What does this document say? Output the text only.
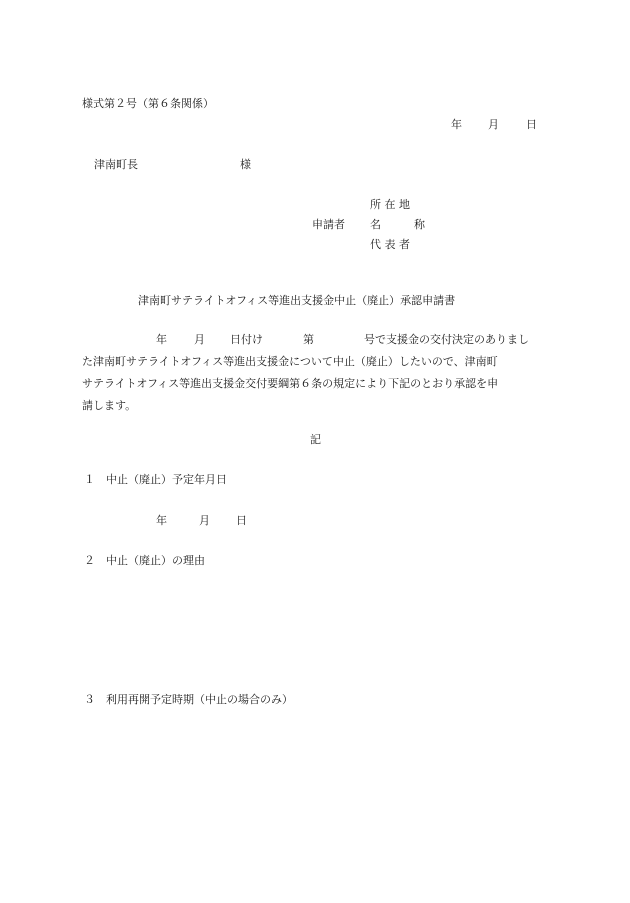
様式第２号（第６条関係）
年 月 日
津南町長	様
所 在 地
申請者 名	称
代 表 者
津南町サテライトオフィス等進出支援金中止（廃止）承認申請書
年 月 日付け	第	号で支援金の交付決定のありまし
た津南町サテライトオフィス等進出支援金について中止（廃止）したいので、津南町
サテライトオフィス等進出支援金交付要綱第６条の規定により下記のとおり承認を申
請します。
記
１ 中止（廃止）予定年月日
年	月 日
２ 中止（廃止）の理由
３ 利用再開予定時期（中止の場合のみ）
